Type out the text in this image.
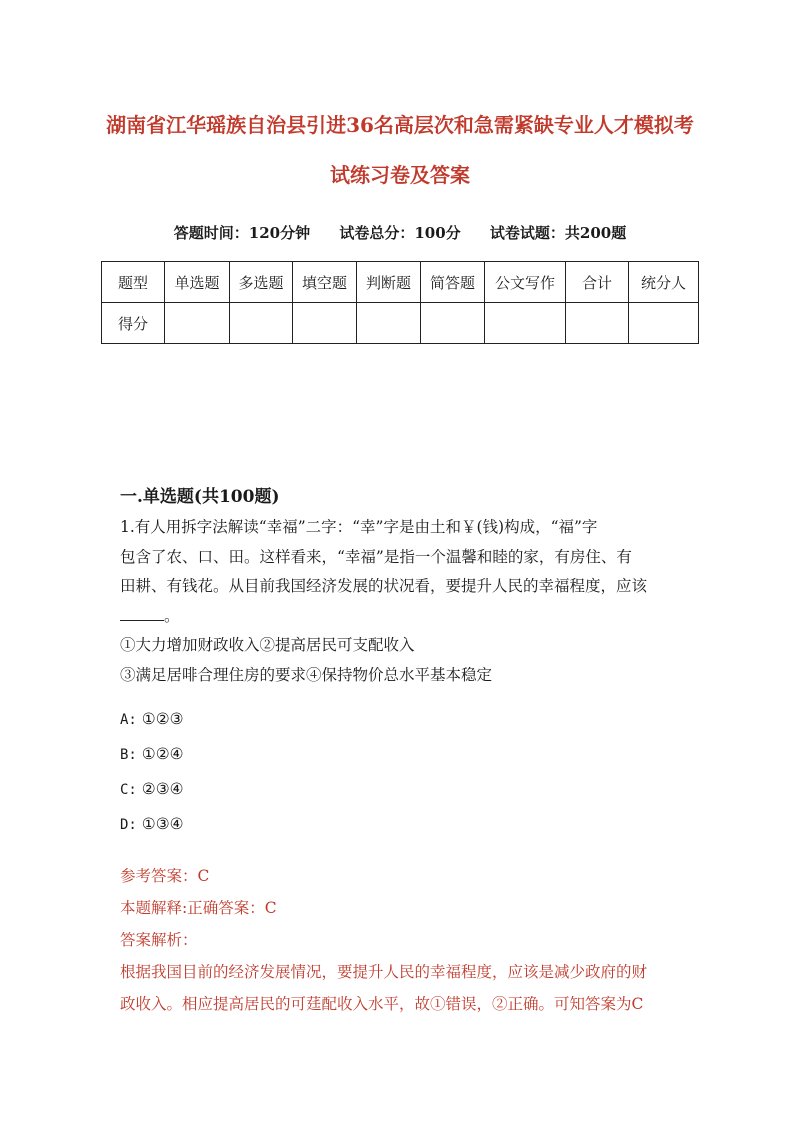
湖南省江华瑶族自治县引进36名高层次和急需紧缺专业人才模拟考
试练习卷及答案
答题时间：120分钟 试卷总分：100分 试卷试题：共200题
题型	单选题	多选题	填空题	判断题	简答题	公文写作	合计	统分人
得分								
一.单选题(共100题)

1.有人用拆字法解读“幸福”二字：“幸”字是由土和￥(钱)构成，“福”字

包含了农、口、田。这样看来，“幸福”是指一个温馨和睦的家，有房住、有

田耕、有钱花。从目前我国经济发展的状况看，要提升人民的幸福程度，应该

。

①大力增加财政收入②提高居民可支配收入

③满足居啡合理住房的要求④保持物价总水平基本稳定

A: ①②③
B: ①②④
C: ②③④
D: ①③④

参考答案：C

本题解释:正确答案：C

答案解析：

根据我国目前的经济发展情况，要提升人民的幸福程度，应该是减少政府的财

政收入。相应提高居民的可莛配收入水平，故①错误，②正确。可知答案为C
